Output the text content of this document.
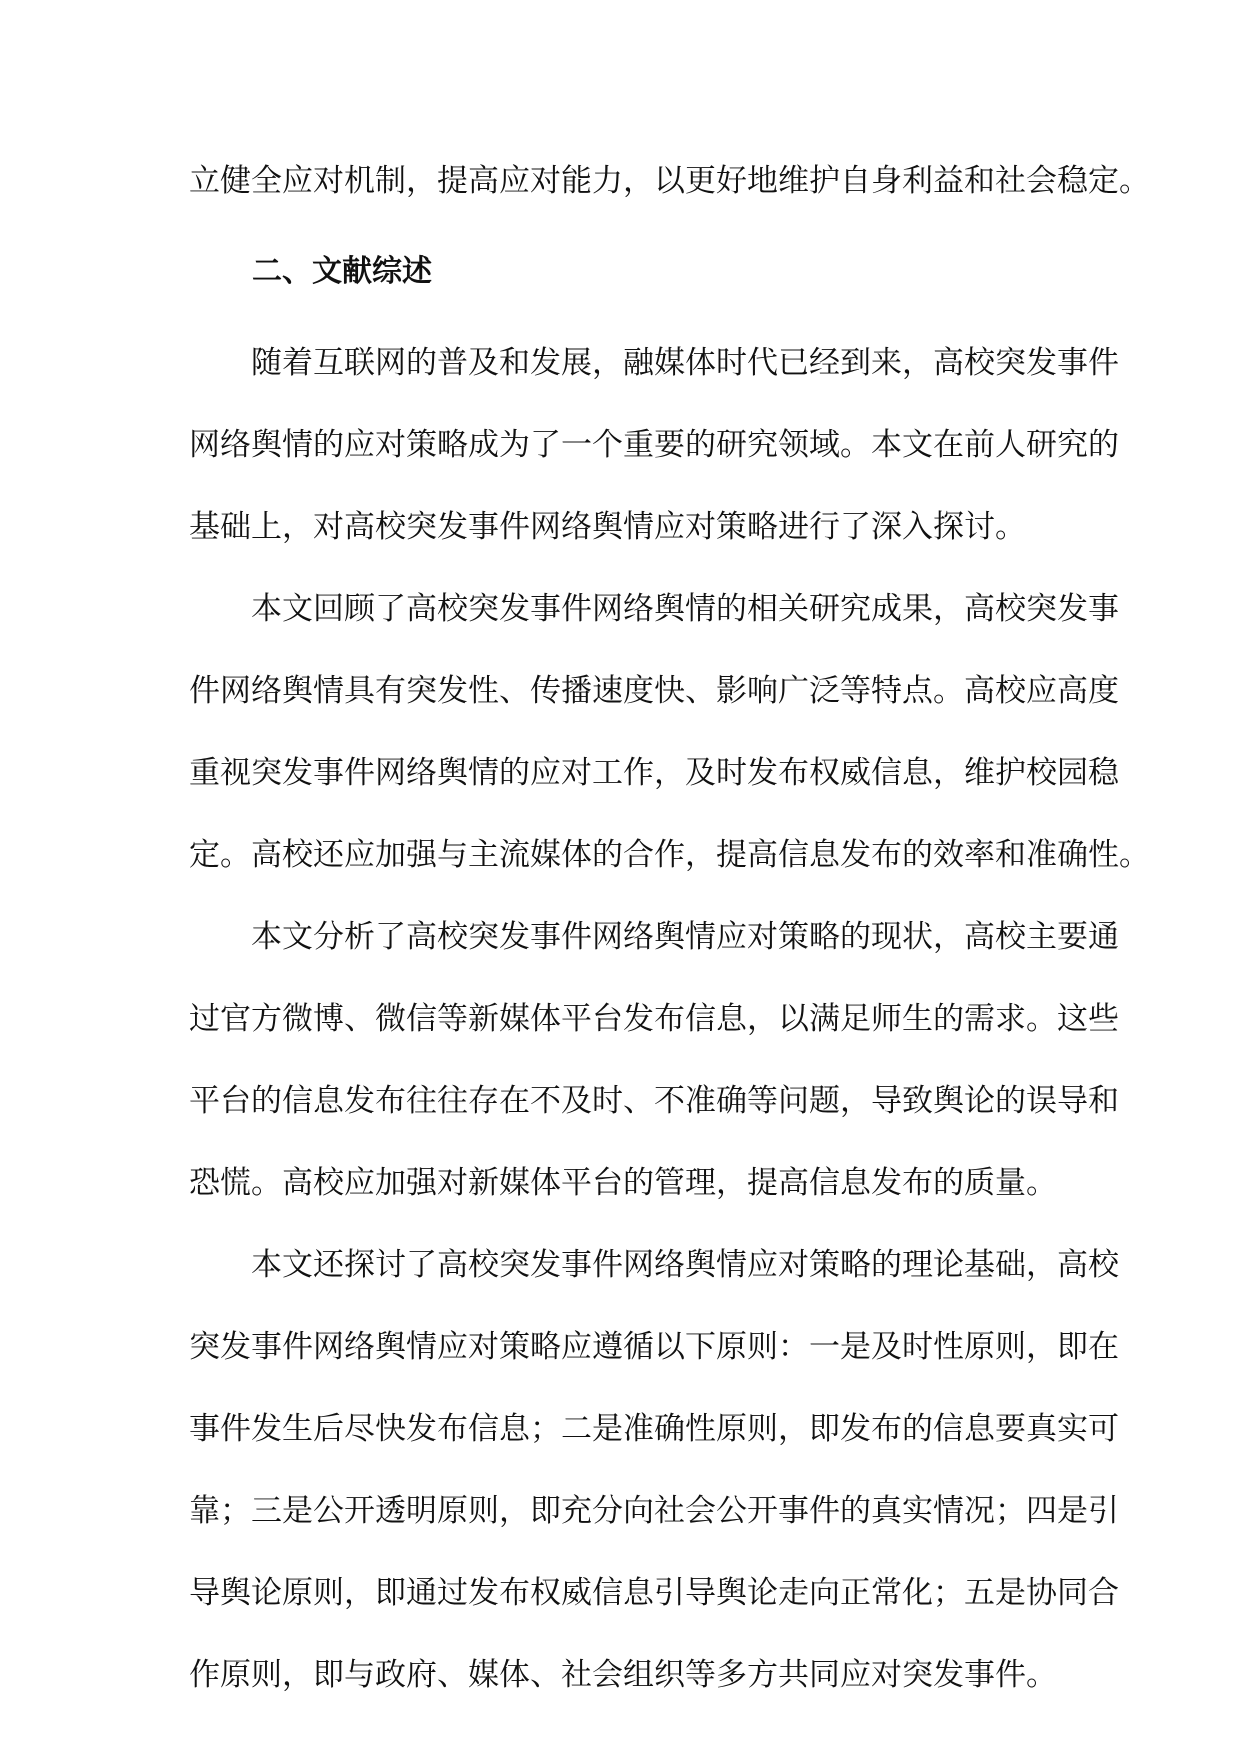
立健全应对机制，提高应对能力，以更好地维护自身利益和社会稳定。
二、文献综述
随着互联网的普及和发展，融媒体时代已经到来，高校突发事件
网络舆情的应对策略成为了一个重要的研究领域。本文在前人研究的
基础上，对高校突发事件网络舆情应对策略进行了深入探讨。
本文回顾了高校突发事件网络舆情的相关研究成果，高校突发事
件网络舆情具有突发性、传播速度快、影响广泛等特点。高校应高度
重视突发事件网络舆情的应对工作，及时发布权威信息，维护校园稳
定。高校还应加强与主流媒体的合作，提高信息发布的效率和准确性。
本文分析了高校突发事件网络舆情应对策略的现状，高校主要通
过官方微博、微信等新媒体平台发布信息，以满足师生的需求。这些
平台的信息发布往往存在不及时、不准确等问题，导致舆论的误导和
恐慌。高校应加强对新媒体平台的管理，提高信息发布的质量。
本文还探讨了高校突发事件网络舆情应对策略的理论基础，高校
突发事件网络舆情应对策略应遵循以下原则：一是及时性原则，即在
事件发生后尽快发布信息；二是准确性原则，即发布的信息要真实可
靠；三是公开透明原则，即充分向社会公开事件的真实情况；四是引
导舆论原则，即通过发布权威信息引导舆论走向正常化；五是协同合
作原则，即与政府、媒体、社会组织等多方共同应对突发事件。
